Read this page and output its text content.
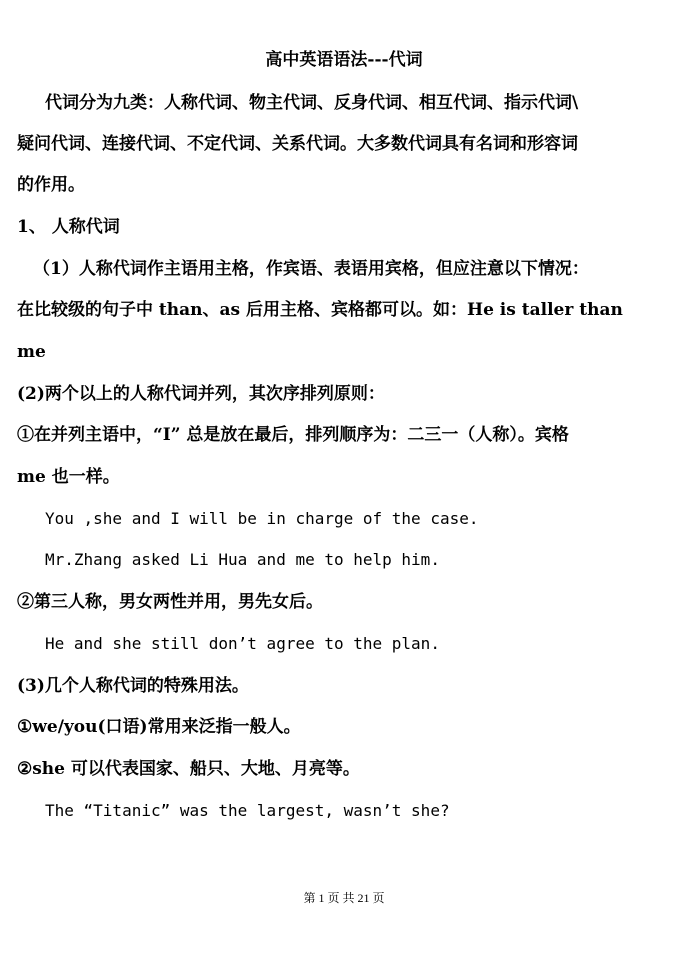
高中英语语法---代词
代词分为九类：人称代词、物主代词、反身代词、相互代词、指示代词\
疑问代词、连接代词、不定代词、关系代词。大多数代词具有名词和形容词
的作用。
1、 人称代词
（1）人称代词作主语用主格，作宾语、表语用宾格，但应注意以下情况：
在比较级的句子中 than、as 后用主格、宾格都可以。如：He is taller than
me
(2)两个以上的人称代词并列，其次序排列原则：
①在并列主语中，“I” 总是放在最后，排列顺序为：二三一（人称）。宾格
me 也一样。
You ,she and I will be in charge of the case.
Mr.Zhang asked Li Hua and me to help him.
②第三人称，男女两性并用，男先女后。
He and she still don’t agree to the plan.
(3)几个人称代词的特殊用法。
①we/you(口语)常用来泛指一般人。
②she 可以代表国家、船只、大地、月亮等。
The “Titanic” was the largest, wasn’t she?
第 1 页 共 21 页
